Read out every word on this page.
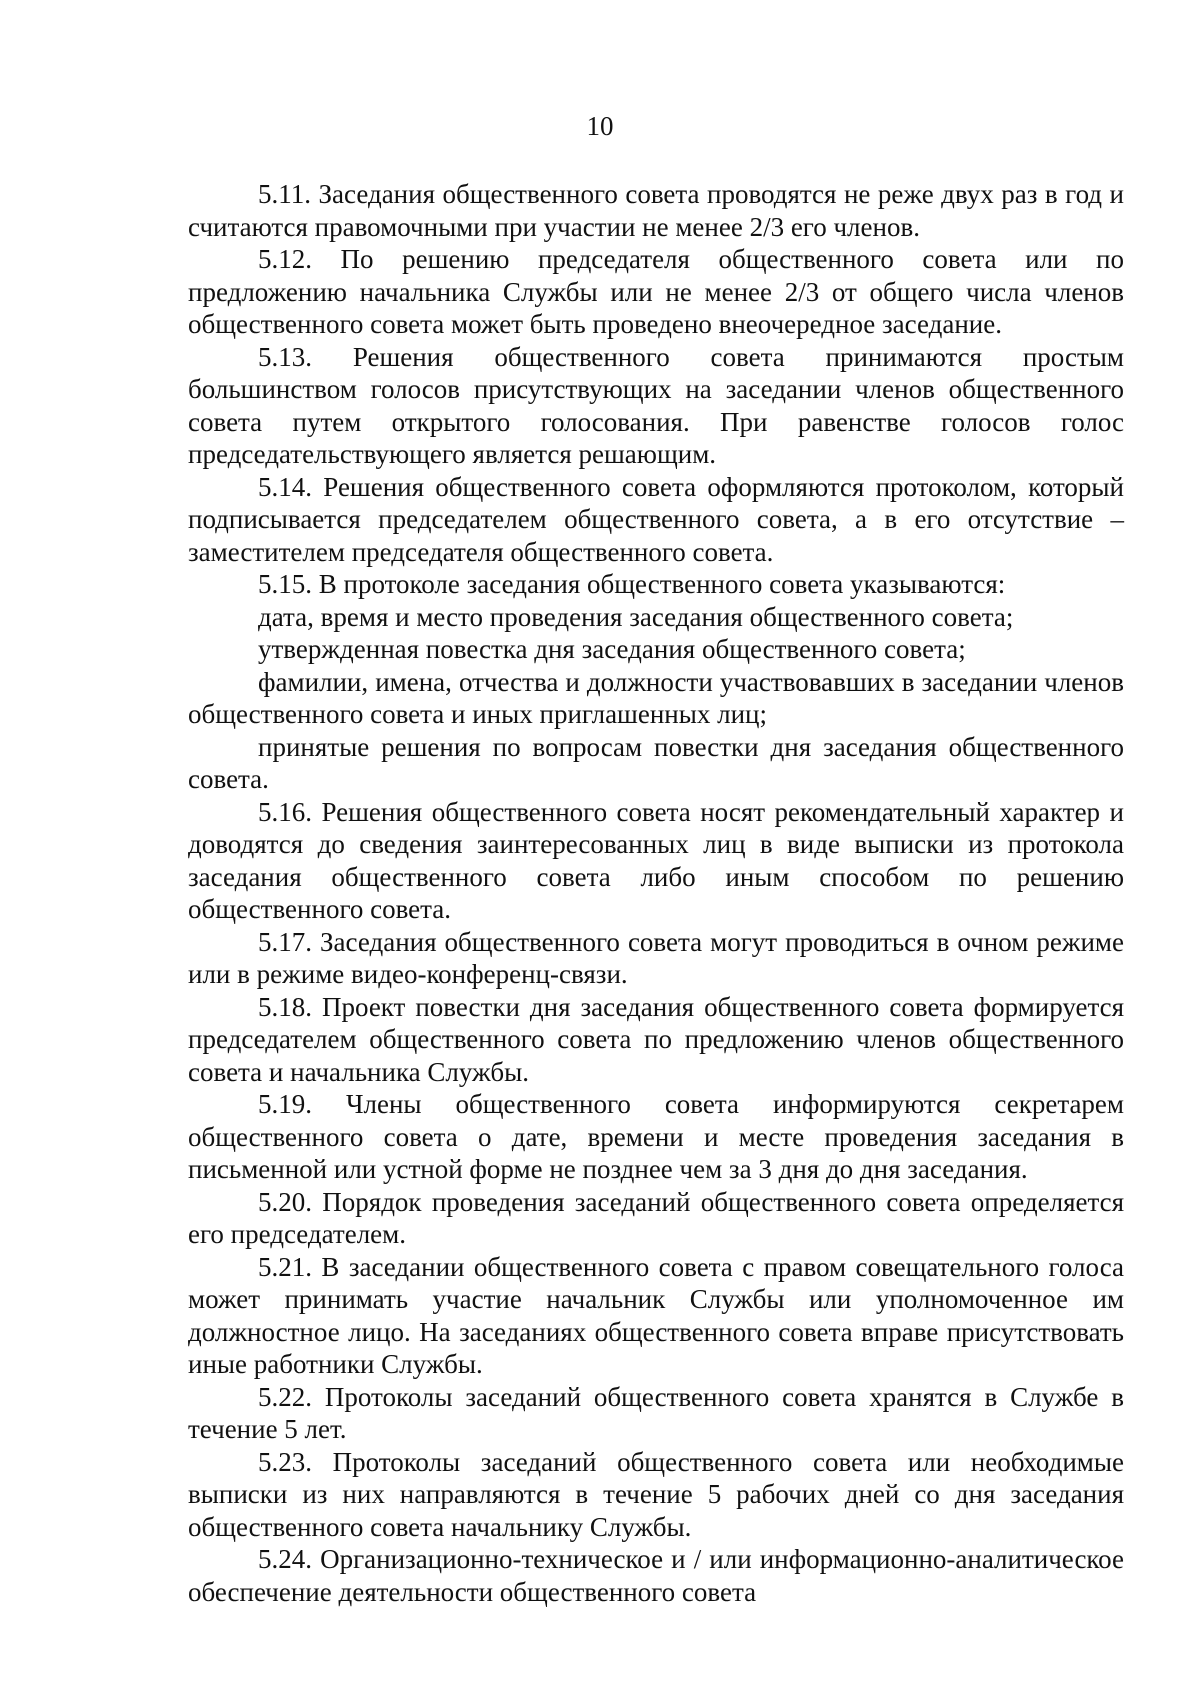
10

5.11. Заседания общественного совета проводятся не реже двух раз в год и считаются правомочными при участии не менее 2/3 его членов.

5.12. По решению председателя общественного совета или по предложению начальника Службы или не менее 2/3 от общего числа членов общественного совета может быть проведено внеочередное заседание.

5.13. Решения общественного совета принимаются простым большинством голосов присутствующих на заседании членов общественного совета путем открытого голосования. При равенстве голосов голос председательствующего является решающим.

5.14. Решения общественного совета оформляются протоколом, который подписывается председателем общественного совета, а в его отсутствие – заместителем председателя общественного совета.

5.15. В протоколе заседания общественного совета указываются:

дата, время и место проведения заседания общественного совета;

утвержденная повестка дня заседания общественного совета;

фамилии, имена, отчества и должности участвовавших в заседании членов общественного совета и иных приглашенных лиц;

принятые решения по вопросам повестки дня заседания общественного совета.

5.16. Решения общественного совета носят рекомендательный характер и доводятся до сведения заинтересованных лиц в виде выписки из протокола заседания общественного совета либо иным способом по решению общественного совета.

5.17. Заседания общественного совета могут проводиться в очном режиме или в режиме видео-конференц-связи.

5.18. Проект повестки дня заседания общественного совета формируется председателем общественного совета по предложению членов общественного совета и начальника Службы.

5.19. Члены общественного совета информируются секретарем общественного совета о дате, времени и месте проведения заседания в письменной или устной форме не позднее чем за 3 дня до дня заседания.

5.20. Порядок проведения заседаний общественного совета определяется его председателем.

5.21. В заседании общественного совета с правом совещательного голоса может принимать участие начальник Службы или уполномоченное им должностное лицо. На заседаниях общественного совета вправе присутствовать иные работники Службы.

5.22. Протоколы заседаний общественного совета хранятся в Службе в течение 5 лет.

5.23. Протоколы заседаний общественного совета или необходимые выписки из них направляются в течение 5 рабочих дней со дня заседания общественного совета начальнику Службы.

5.24. Организационно-техническое и / или информационно-аналитическое обеспечение деятельности общественного совета
